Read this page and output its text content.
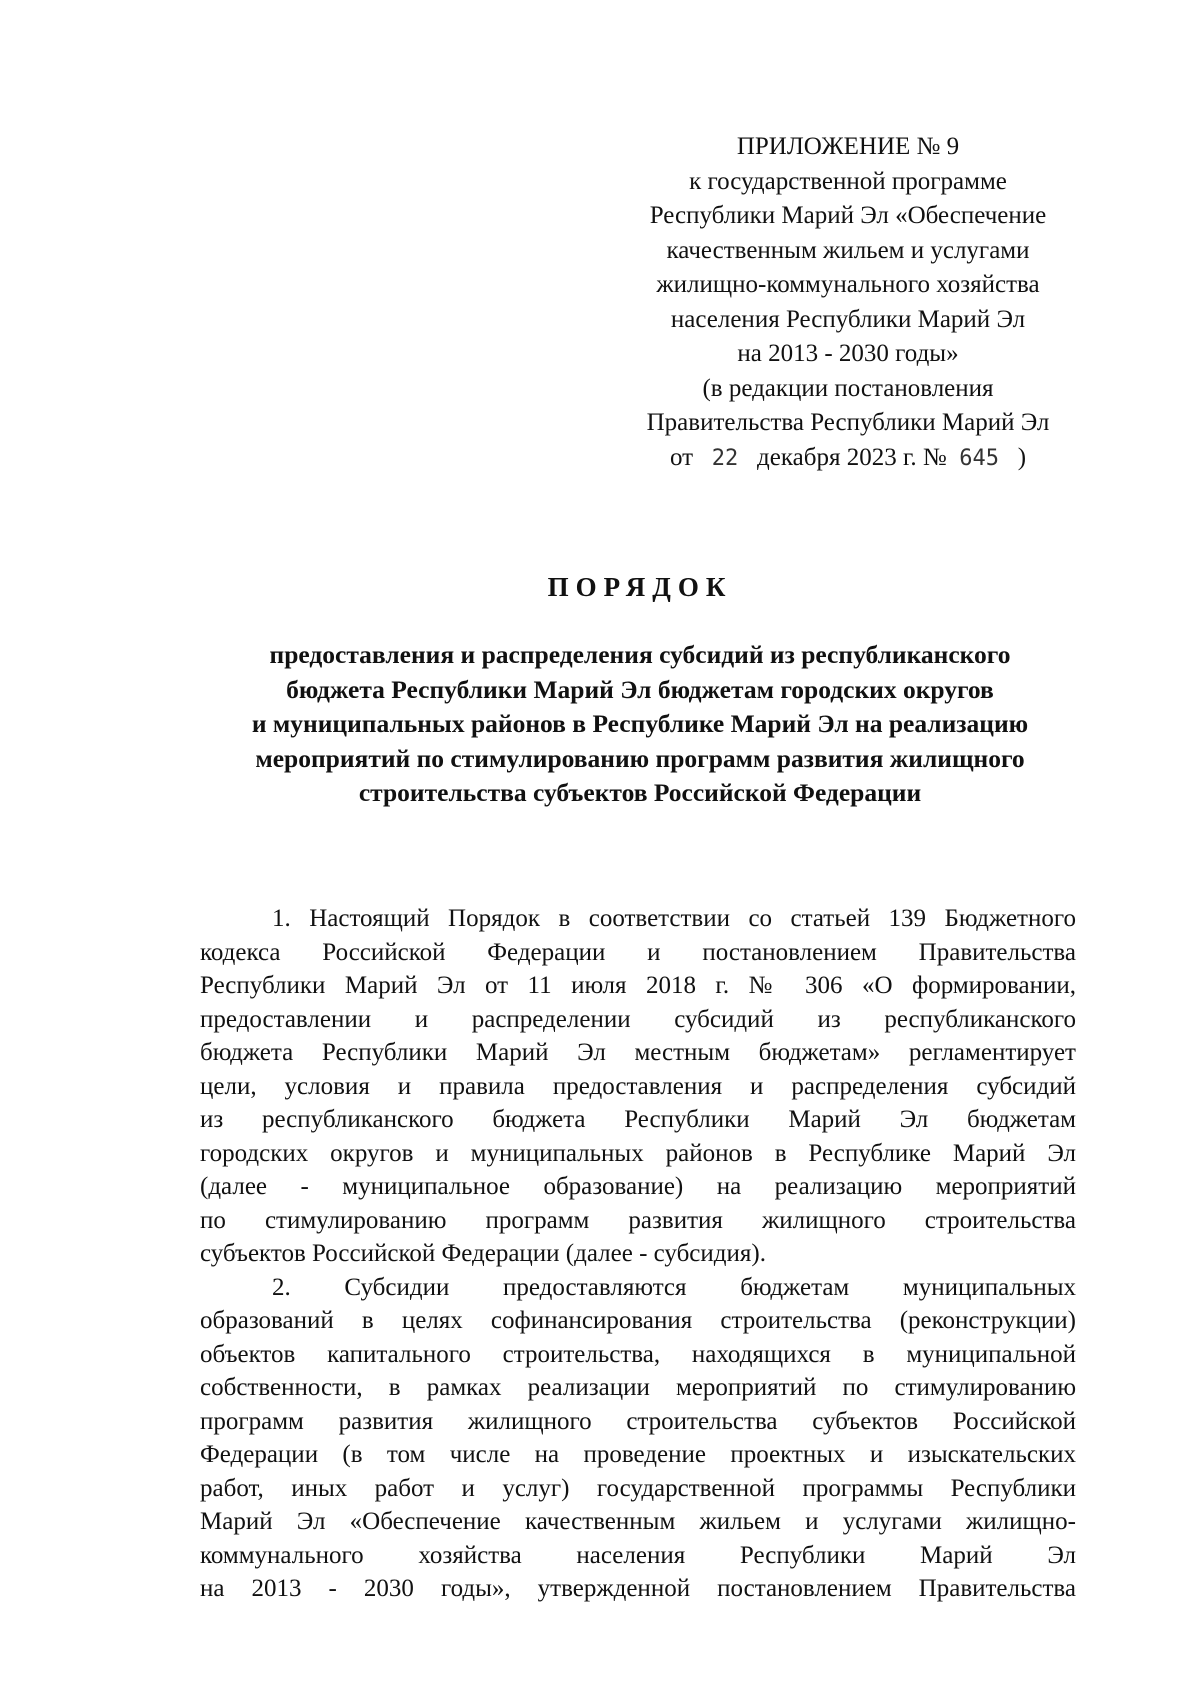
ПРИЛОЖЕНИЕ № 9
к государственной программе
Республики Марий Эл «Обеспечение
качественным жильем и услугами
жилищно-коммунального хозяйства
населения Республики Марий Эл
на 2013 - 2030 годы»
(в редакции постановления
Правительства Республики Марий Эл
от 22 декабря 2023 г. № 645 )
ПОРЯДОК
предоставления и распределения субсидий из республиканского
бюджета Республики Марий Эл бюджетам городских округов
и муниципальных районов в Республике Марий Эл на реализацию
мероприятий по стимулированию программ развития жилищного
строительства субъектов Российской Федерации
1. Настоящий Порядок в соответствии со статьей 139 Бюджетного
кодекса Российской Федерации и постановлением Правительства
Республики Марий Эл от 11 июля 2018 г. № 306 «О формировании,
предоставлении и распределении субсидий из республиканского
бюджета Республики Марий Эл местным бюджетам» регламентирует
цели, условия и правила предоставления и распределения субсидий
из республиканского бюджета Республики Марий Эл бюджетам
городских округов и муниципальных районов в Республике Марий Эл
(далее - муниципальное образование) на реализацию мероприятий
по стимулированию программ развития жилищного строительства
субъектов Российской Федерации (далее - субсидия).
2. Субсидии предоставляются бюджетам муниципальных
образований в целях софинансирования строительства (реконструкции)
объектов капитального строительства, находящихся в муниципальной
собственности, в рамках реализации мероприятий по стимулированию
программ развития жилищного строительства субъектов Российской
Федерации (в том числе на проведение проектных и изыскательских
работ, иных работ и услуг) государственной программы Республики
Марий Эл «Обеспечение качественным жильем и услугами жилищно-
коммунального хозяйства населения Республики Марий Эл
на 2013 - 2030 годы», утвержденной постановлением Правительства
